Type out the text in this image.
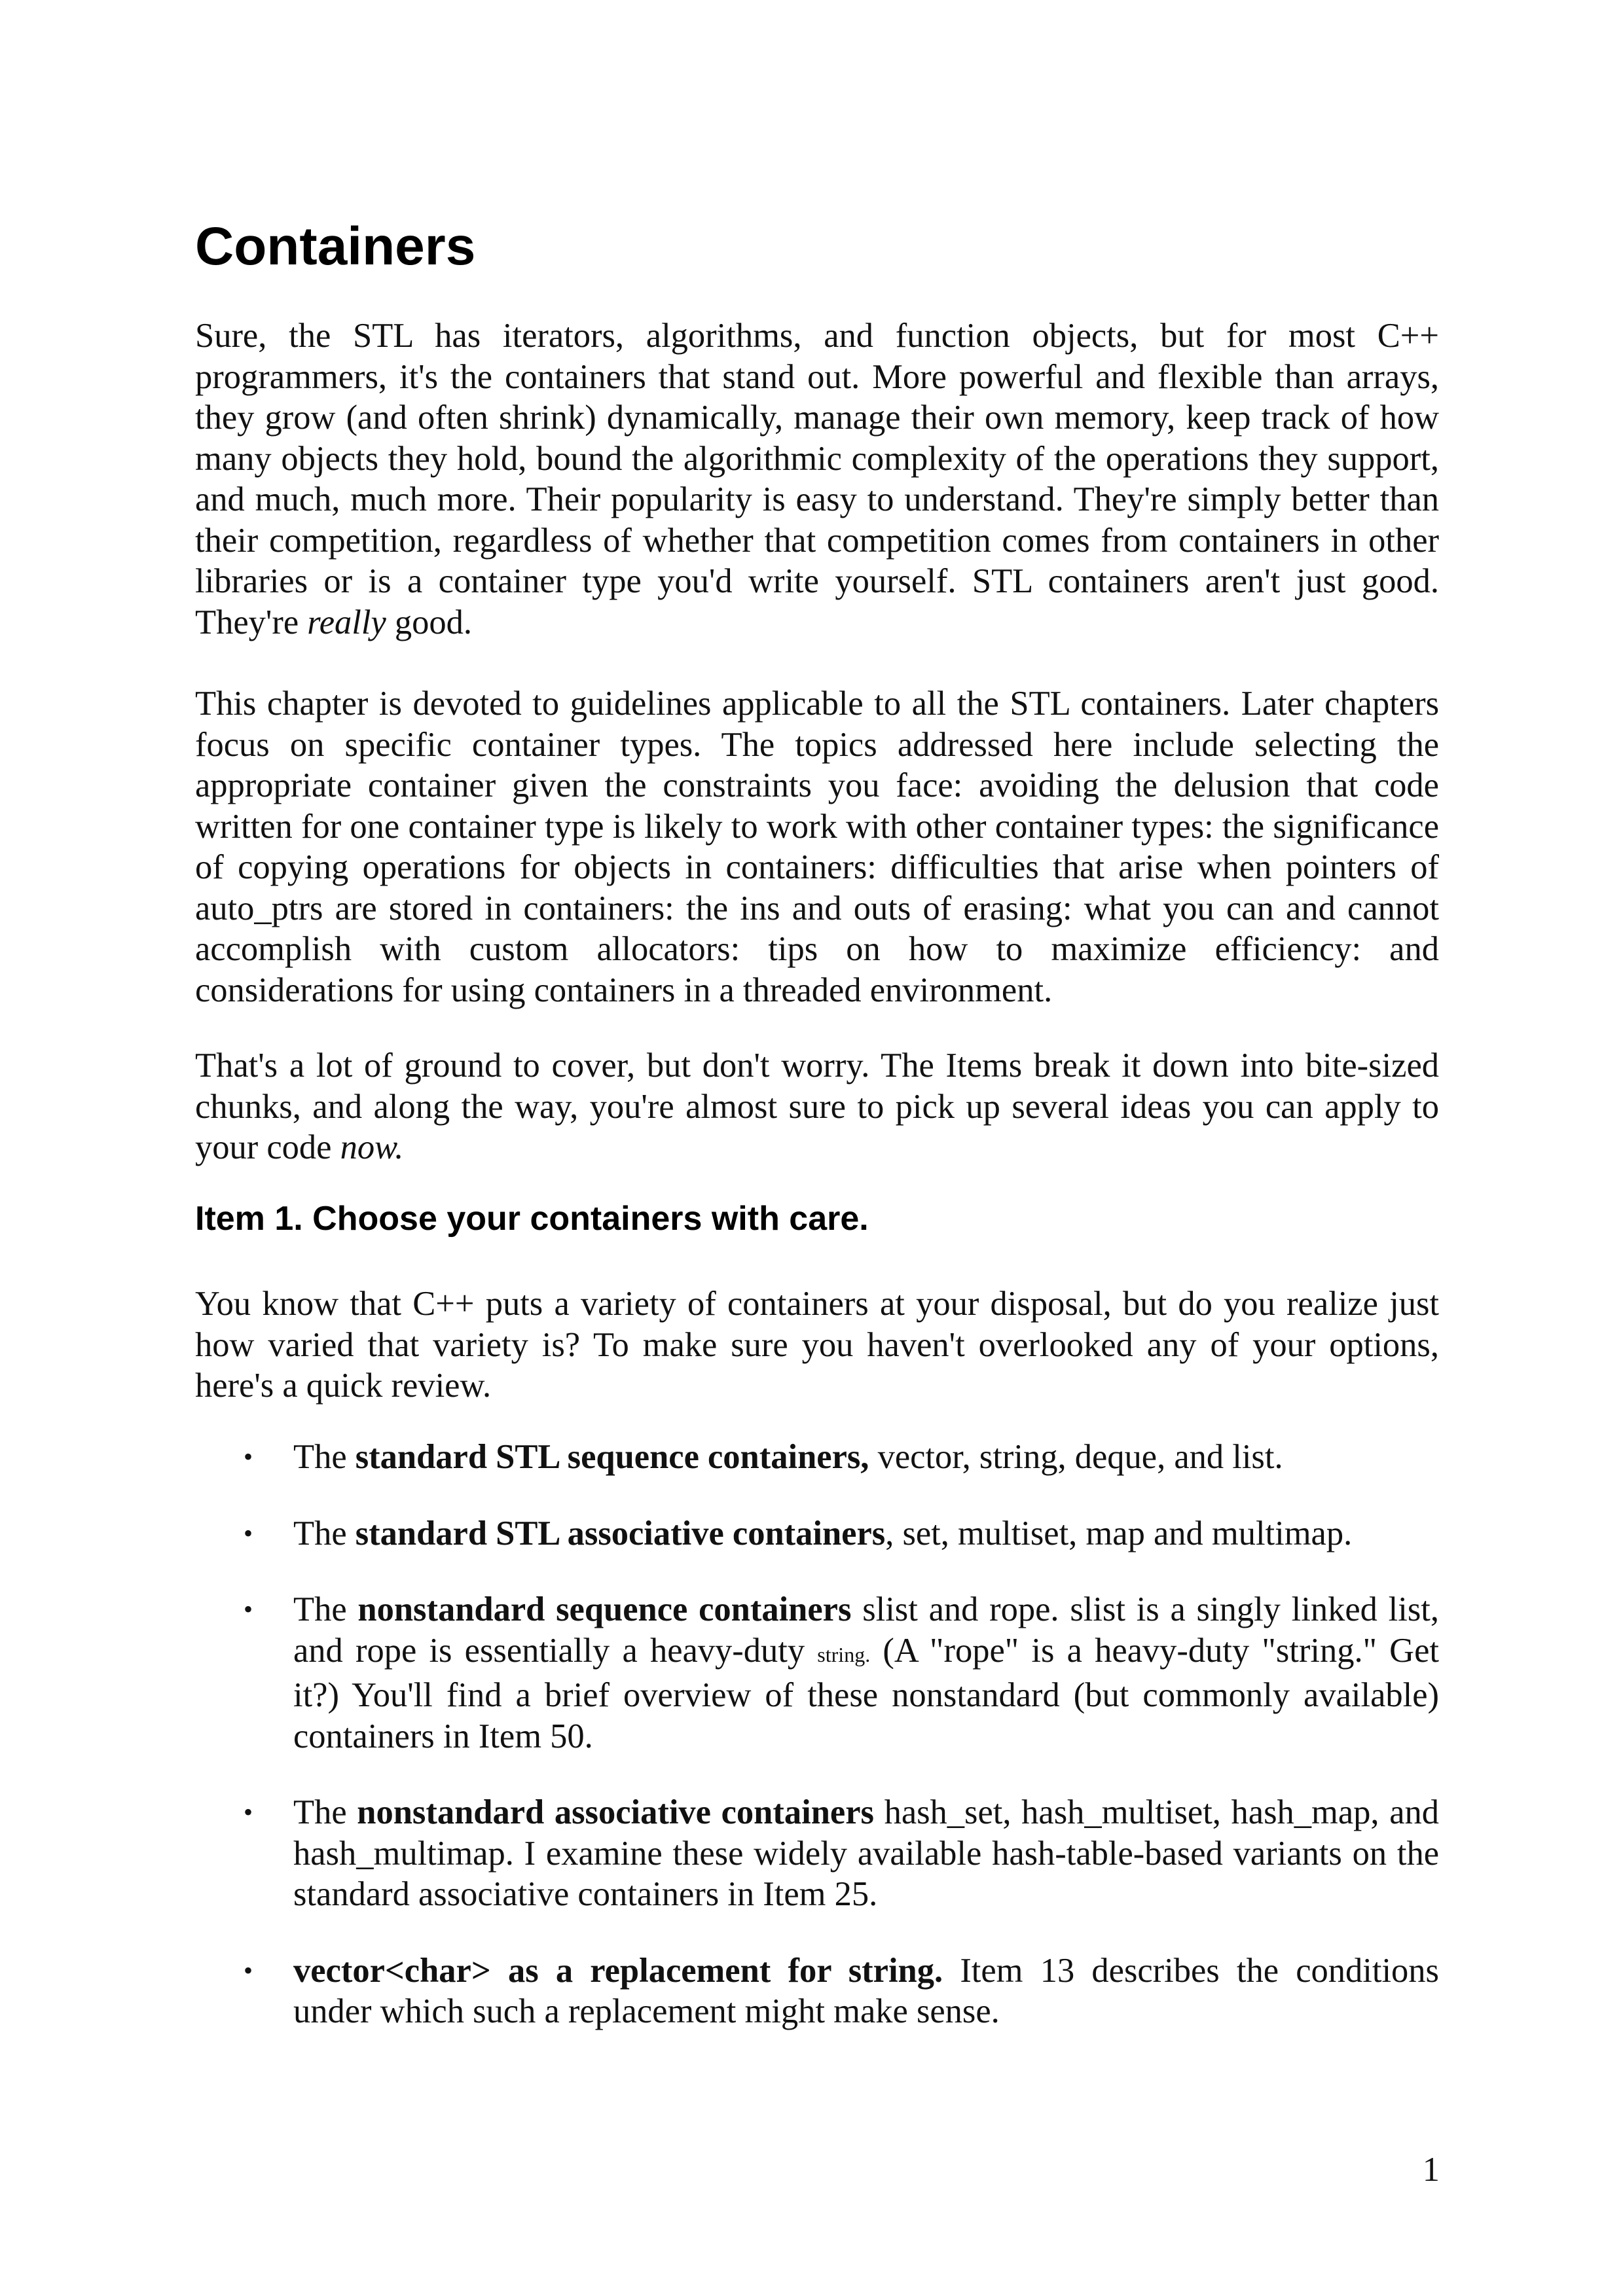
Containers

Sure, the STL has iterators, algorithms, and function objects, but for most C++ programmers, it's the containers that stand out. More powerful and flexible than arrays, they grow (and often shrink) dynamically, manage their own memory, keep track of how many objects they hold, bound the algorithmic complexity of the operations they support, and much, much more. Their popularity is easy to understand. They're simply better than their competition, regardless of whether that competition comes from containers in other libraries or is a container type you'd write yourself. STL containers aren't just good. They're really good.

This chapter is devoted to guidelines applicable to all the STL containers. Later chapters focus on specific container types. The topics addressed here include selecting the appropriate container given the constraints you face: avoiding the delusion that code written for one container type is likely to work with other container types: the significance of copying operations for objects in containers: difficulties that arise when pointers of auto_ptrs are stored in containers: the ins and outs of erasing: what you can and cannot accomplish with custom allocators: tips on how to maximize efficiency: and considerations for using containers in a threaded environment.

That's a lot of ground to cover, but don't worry. The Items break it down into bite-sized chunks, and along the way, you're almost sure to pick up several ideas you can apply to your code now.

Item 1. Choose your containers with care.

You know that C++ puts a variety of containers at your disposal, but do you realize just how varied that variety is? To make sure you haven't overlooked any of your options, here's a quick review.

• The standard STL sequence containers, vector, string, deque, and list.
• The standard STL associative containers, set, multiset, map and multimap.
• The nonstandard sequence containers slist and rope. slist is a singly linked list, and rope is essentially a heavy-duty string. (A "rope" is a heavy-duty "string." Get it?) You'll find a brief overview of these nonstandard (but commonly available) containers in Item 50.
• The nonstandard associative containers hash_set, hash_multiset, hash_map, and hash_multimap. I examine these widely available hash-table-based variants on the standard associative containers in Item 25.
• vector<char> as a replacement for string. Item 13 describes the conditions under which such a replacement might make sense.
1
